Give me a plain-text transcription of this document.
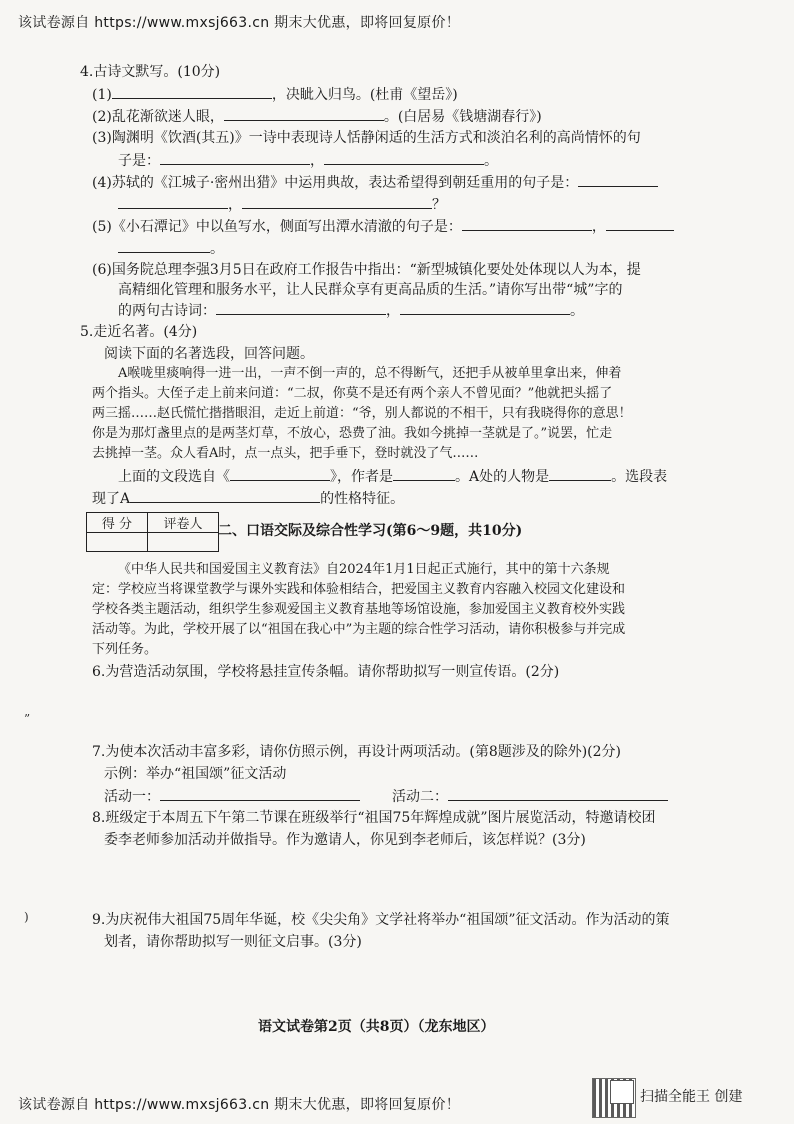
该试卷源自 https://www.mxsj663.cn 期末大优惠，即将回复原价！
4.古诗文默写。(10分)
(1)	，决眦入归鸟。(杜甫《望岳》)
(2)乱花渐欲迷人眼，	。(白居易《钱塘湖春行》)
(3)陶渊明《饮酒(其五)》一诗中表现诗人恬静闲适的生活方式和淡泊名利的高尚情怀的句
子是：	，	。
(4)苏轼的《江城子·密州出猎》中运用典故，表达希望得到朝廷重用的句子是：
，	？
(5)《小石潭记》中以鱼写水，侧面写出潭水清澈的句子是：	，
。
(6)国务院总理李强3月5日在政府工作报告中指出：“新型城镇化要处处体现以人为本，提
高精细化管理和服务水平，让人民群众享有更高品质的生活。”请你写出带“城”字的
的两句古诗词：	，	。
5.走近名著。(4分)
阅读下面的名著选段，回答问题。
A喉咙里痰响得一进一出，一声不倒一声的，总不得断气，还把手从被单里拿出来，伸着
两个指头。大侄子走上前来问道：“二叔，你莫不是还有两个亲人不曾见面？”他就把头摇了
两三摇……赵氏慌忙揩揩眼泪，走近上前道：“爷，别人都说的不相干，只有我晓得你的意思！
你是为那灯盏里点的是两茎灯草，不放心，恐费了油。我如今挑掉一茎就是了。”说罢，忙走
去挑掉一茎。众人看A时，点一点头，把手垂下，登时就没了气……
上面的文段选自《	》，作者是	。A处的人物是	。选段表
现了A	的性格特征。
得 分	评卷人
	二、口语交际及综合性学习(第6～9题，共10分)
《中华人民共和国爱国主义教育法》自2024年1月1日起正式施行，其中的第十六条规
定：学校应当将课堂教学与课外实践和体验相结合，把爱国主义教育内容融入校园文化建设和
学校各类主题活动，组织学生参观爱国主义教育基地等场馆设施，参加爱国主义教育校外实践
活动等。为此，学校开展了以“祖国在我心中”为主题的综合性学习活动，请你积极参与并完成
下列任务。
6.为营造活动氛围，学校将悬挂宣传条幅。请你帮助拟写一则宣传语。(2分)
7.为使本次活动丰富多彩，请你仿照示例，再设计两项活动。(第8题涉及的除外)(2分)
示例：举办“祖国颂”征文活动
活动一：	活动二：
8.班级定于本周五下午第二节课在班级举行“祖国75年辉煌成就”图片展览活动，特邀请校团
委李老师参加活动并做指导。作为邀请人，你见到李老师后，该怎样说？(3分)
9.为庆祝伟大祖国75周年华诞，校《尖尖角》文学社将举办“祖国颂”征文活动。作为活动的策
划者，请你帮助拟写一则征文启事。(3分)
语文试卷第2页（共8页）（龙东地区）
”
)
该试卷源自 https://www.mxsj663.cn 期末大优惠，即将回复原价！	扫描全能王 创建
